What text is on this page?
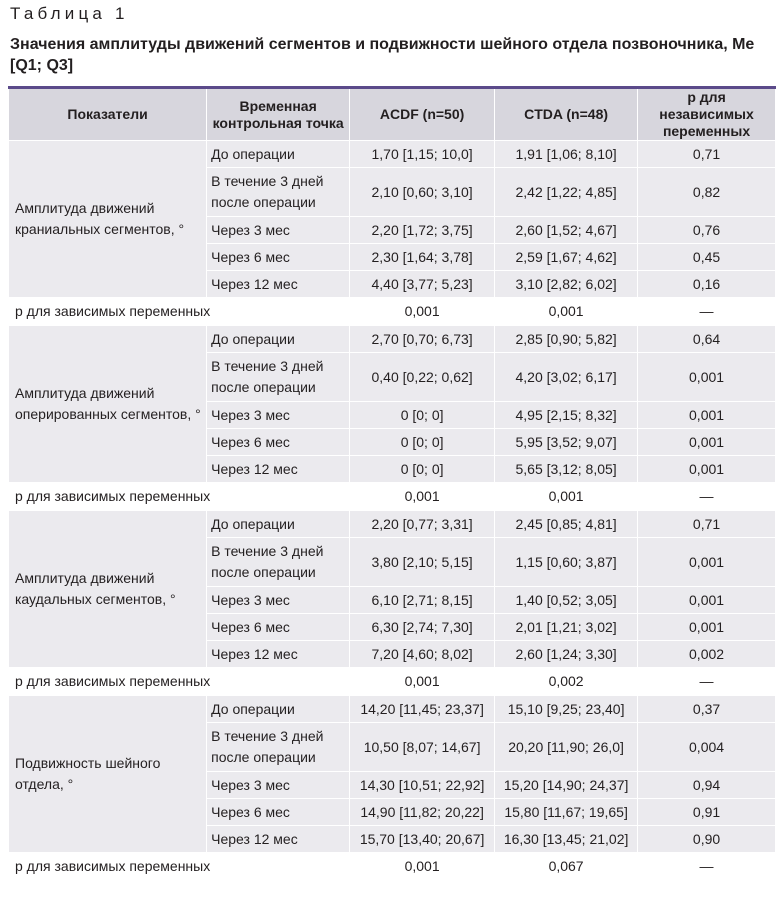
Таблица 1
Значения амплитуды движений сегментов и подвижности шейного отдела позвоночника, Ме [Q1; Q3]
Показатели	Временная контрольная точка	ACDF (n=50)	CTDA (n=48)	p для независимых переменных
Амплитуда движений краниальных сегментов, °	До операции	1,70 [1,15; 10,0]	1,91 [1,06; 8,10]	0,71
	В течение 3 дней после операции	2,10 [0,60; 3,10]	2,42 [1,22; 4,85]	0,82
	Через 3 мес	2,20 [1,72; 3,75]	2,60 [1,52; 4,67]	0,76
	Через 6 мес	2,30 [1,64; 3,78]	2,59 [1,67; 4,62]	0,45
	Через 12 мес	4,40 [3,77; 5,23]	3,10 [2,82; 6,02]	0,16
p для зависимых переменных		0,001	0,001	—
Амплитуда движений оперированных сегментов, °	До операции	2,70 [0,70; 6,73]	2,85 [0,90; 5,82]	0,64
	В течение 3 дней после операции	0,40 [0,22; 0,62]	4,20 [3,02; 6,17]	0,001
	Через 3 мес	0 [0; 0]	4,95 [2,15; 8,32]	0,001
	Через 6 мес	0 [0; 0]	5,95 [3,52; 9,07]	0,001
	Через 12 мес	0 [0; 0]	5,65 [3,12; 8,05]	0,001
p для зависимых переменных		0,001	0,001	—
Амплитуда движений каудальных сегментов, °	До операции	2,20 [0,77; 3,31]	2,45 [0,85; 4,81]	0,71
	В течение 3 дней после операции	3,80 [2,10; 5,15]	1,15 [0,60; 3,87]	0,001
	Через 3 мес	6,10 [2,71; 8,15]	1,40 [0,52; 3,05]	0,001
	Через 6 мес	6,30 [2,74; 7,30]	2,01 [1,21; 3,02]	0,001
	Через 12 мес	7,20 [4,60; 8,02]	2,60 [1,24; 3,30]	0,002
p для зависимых переменных		0,001	0,002	—
Подвижность шейного отдела, °	До операции	14,20 [11,45; 23,37]	15,10 [9,25; 23,40]	0,37
	В течение 3 дней после операции	10,50 [8,07; 14,67]	20,20 [11,90; 26,0]	0,004
	Через 3 мес	14,30 [10,51; 22,92]	15,20 [14,90; 24,37]	0,94
	Через 6 мес	14,90 [11,82; 20,22]	15,80 [11,67; 19,65]	0,91
	Через 12 мес	15,70 [13,40; 20,67]	16,30 [13,45; 21,02]	0,90
p для зависимых переменных		0,001	0,067	—
